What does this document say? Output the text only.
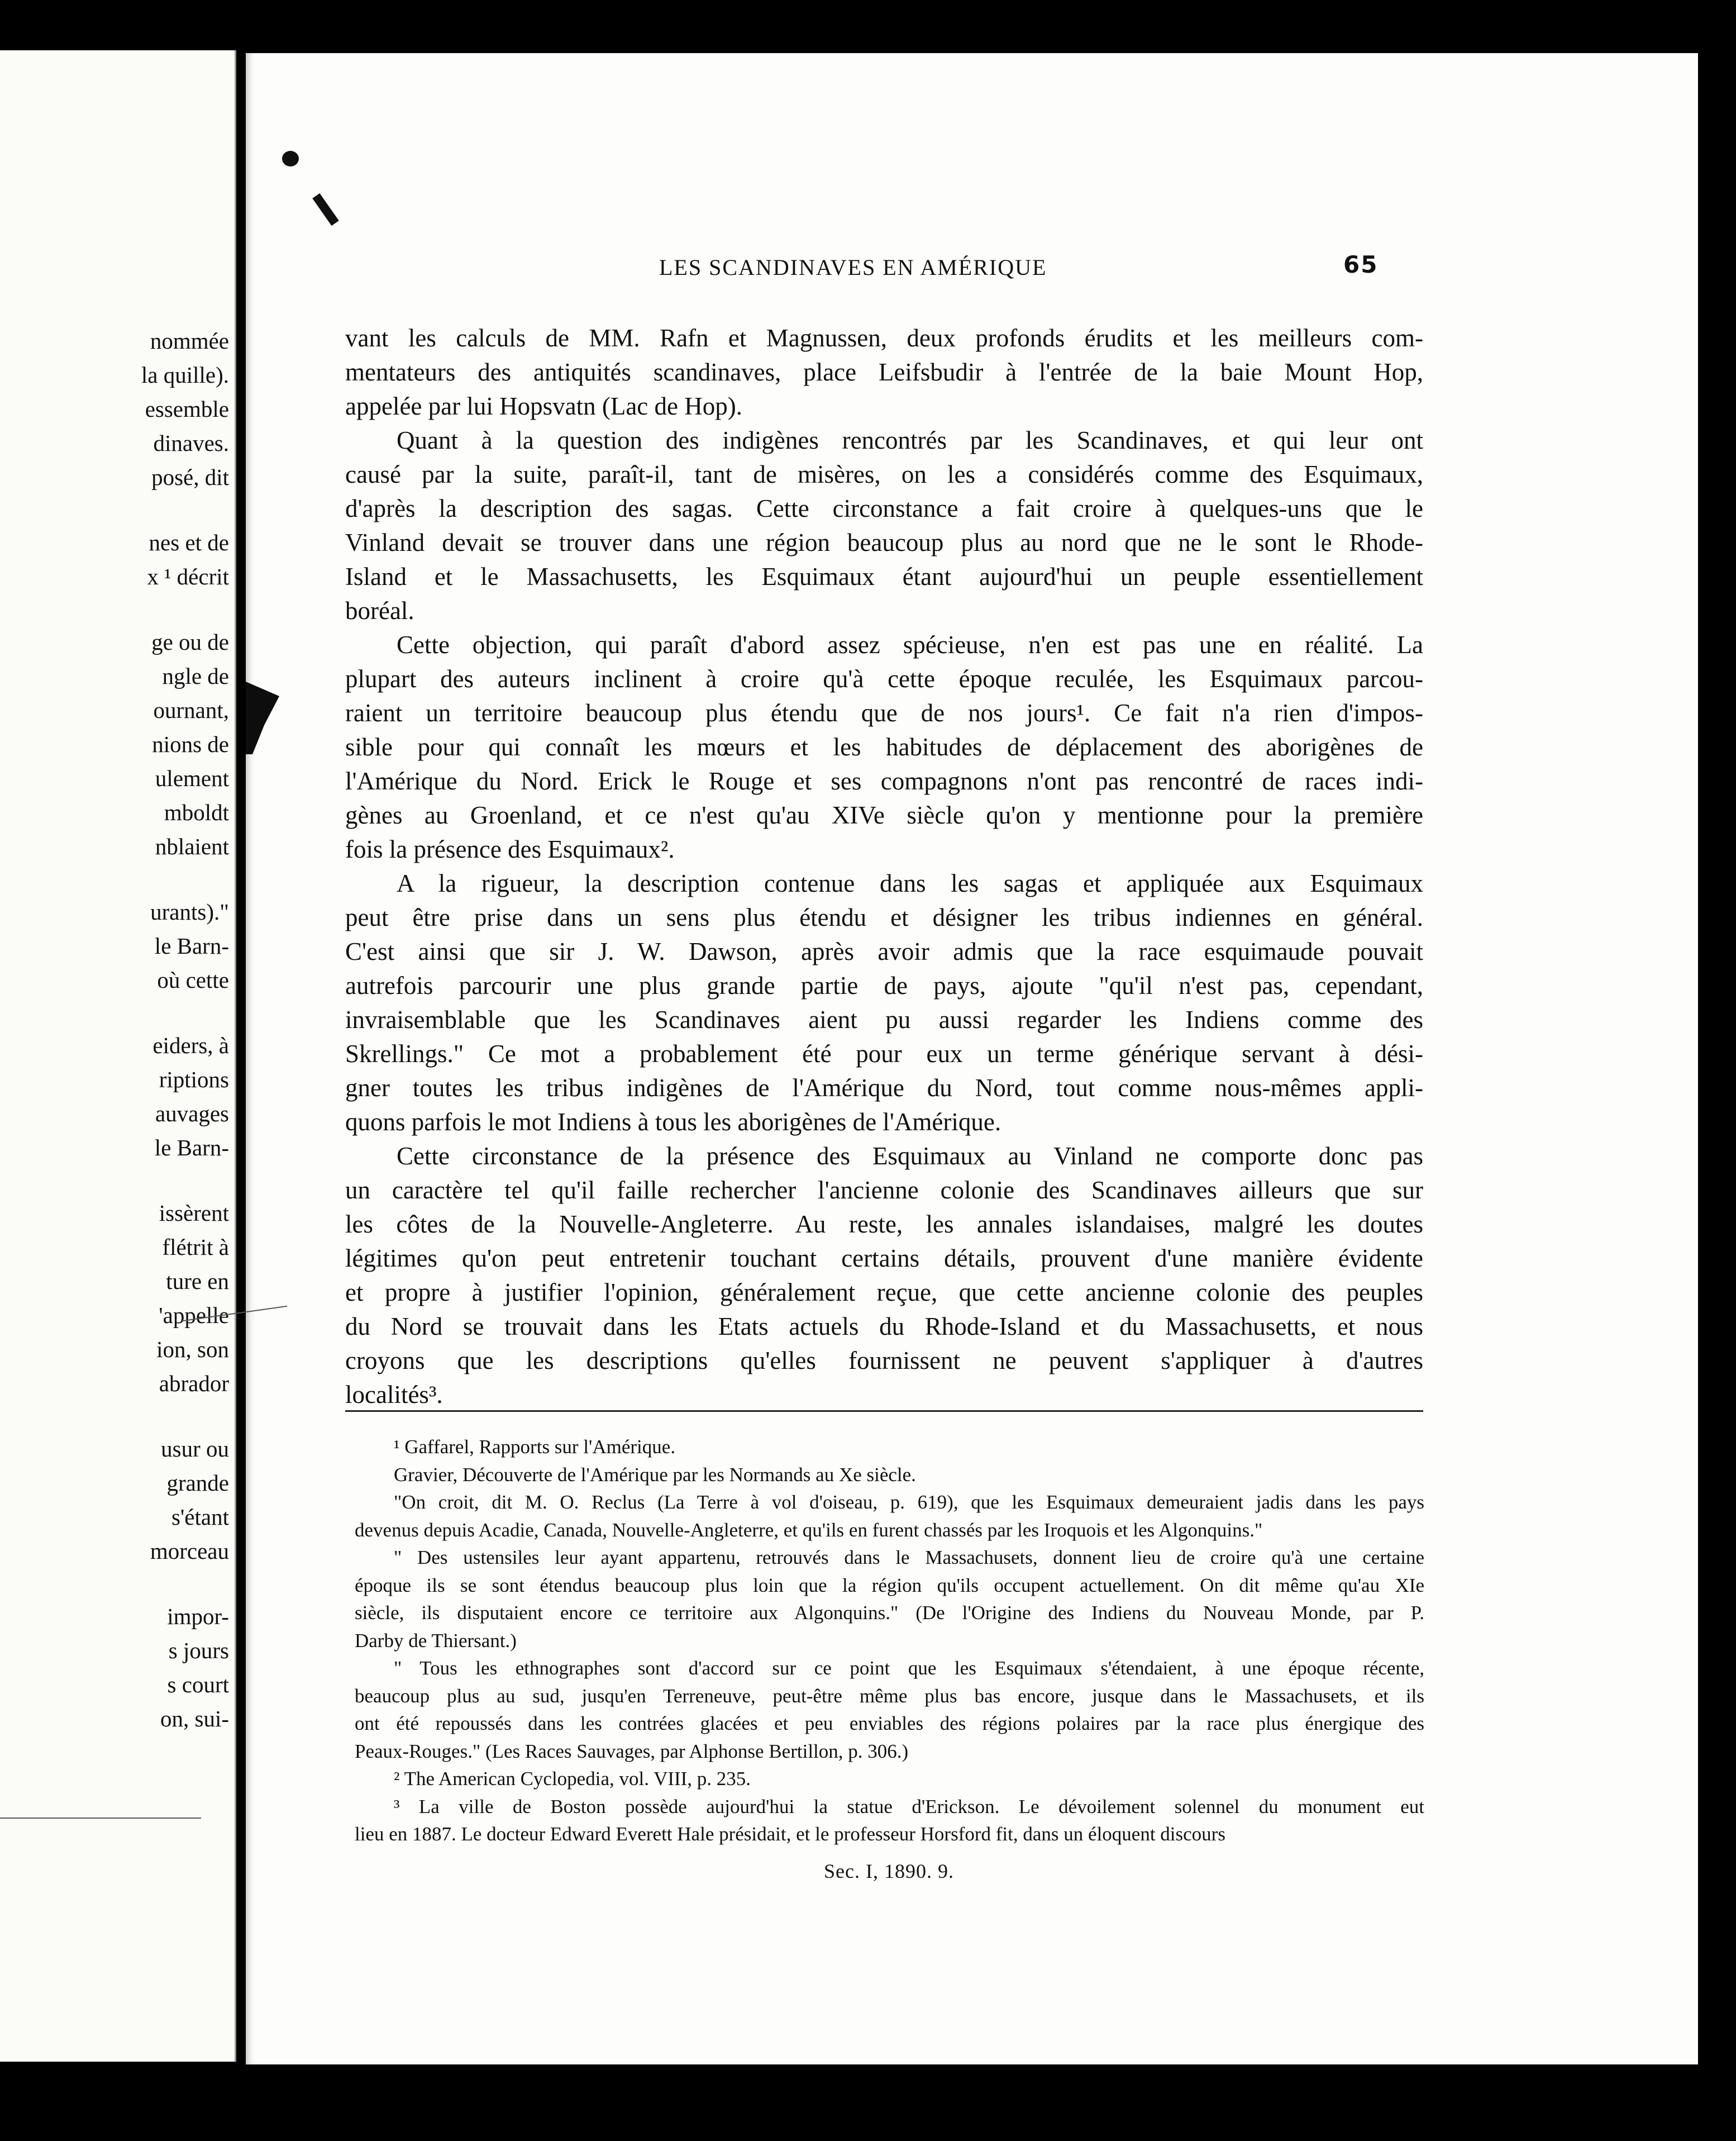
nommée
la quille).
essemble
dinaves.
posé, dit
nes et de
x ¹ décrit
ge ou de
ngle de
ournant,
nions de
ulement
mboldt
nblaient
urants)."
le Barn-
où cette
eiders, à
riptions
auvages
le Barn-
issèrent
flétrit à
ture en
'appelle
ion, son
abrador
usur ou
grande
s'étant
morceau
impor-
s jours
s court
on, sui-
LES SCANDINAVES EN AMÉRIQUE	65

vant les calculs de MM. Rafn et Magnussen, deux profonds érudits et les meilleurs com-

mentateurs des antiquités scandinaves, place Leifsbudir à l'entrée de la baie Mount Hop,

appelée par lui Hopsvatn (Lac de Hop).

Quant à la question des indigènes rencontrés par les Scandinaves, et qui leur ont

causé par la suite, paraît-il, tant de misères, on les a considérés comme des Esquimaux,

d'après la description des sagas. Cette circonstance a fait croire à quelques-uns que le

Vinland devait se trouver dans une région beaucoup plus au nord que ne le sont le Rhode-

Island et le Massachusetts, les Esquimaux étant aujourd'hui un peuple essentiellement

boréal.

Cette objection, qui paraît d'abord assez spécieuse, n'en est pas une en réalité. La

plupart des auteurs inclinent à croire qu'à cette époque reculée, les Esquimaux parcou-

raient un territoire beaucoup plus étendu que de nos jours¹. Ce fait n'a rien d'impos-

sible pour qui connaît les mœurs et les habitudes de déplacement des aborigènes de

l'Amérique du Nord. Erick le Rouge et ses compagnons n'ont pas rencontré de races indi-

gènes au Groenland, et ce n'est qu'au XIVe siècle qu'on y mentionne pour la première

fois la présence des Esquimaux².

A la rigueur, la description contenue dans les sagas et appliquée aux Esquimaux

peut être prise dans un sens plus étendu et désigner les tribus indiennes en général.

C'est ainsi que sir J. W. Dawson, après avoir admis que la race esquimaude pouvait

autrefois parcourir une plus grande partie de pays, ajoute "qu'il n'est pas, cependant,

invraisemblable que les Scandinaves aient pu aussi regarder les Indiens comme des

Skrellings." Ce mot a probablement été pour eux un terme générique servant à dési-

gner toutes les tribus indigènes de l'Amérique du Nord, tout comme nous-mêmes appli-

quons parfois le mot Indiens à tous les aborigènes de l'Amérique.

Cette circonstance de la présence des Esquimaux au Vinland ne comporte donc pas

un caractère tel qu'il faille rechercher l'ancienne colonie des Scandinaves ailleurs que sur

les côtes de la Nouvelle-Angleterre. Au reste, les annales islandaises, malgré les doutes

légitimes qu'on peut entretenir touchant certains détails, prouvent d'une manière évidente

et propre à justifier l'opinion, généralement reçue, que cette ancienne colonie des peuples

du Nord se trouvait dans les Etats actuels du Rhode-Island et du Massachusetts, et nous

croyons que les descriptions qu'elles fournissent ne peuvent s'appliquer à d'autres

localités³.

¹ Gaffarel, Rapports sur l'Amérique.

Gravier, Découverte de l'Amérique par les Normands au Xe siècle.

"On croit, dit M. O. Reclus (La Terre à vol d'oiseau, p. 619), que les Esquimaux demeuraient jadis dans les pays

devenus depuis Acadie, Canada, Nouvelle-Angleterre, et qu'ils en furent chassés par les Iroquois et les Algonquins."

" Des ustensiles leur ayant appartenu, retrouvés dans le Massachusets, donnent lieu de croire qu'à une certaine

époque ils se sont étendus beaucoup plus loin que la région qu'ils occupent actuellement. On dit même qu'au XIe

siècle, ils disputaient encore ce territoire aux Algonquins." (De l'Origine des Indiens du Nouveau Monde, par P.

Darby de Thiersant.)

" Tous les ethnographes sont d'accord sur ce point que les Esquimaux s'étendaient, à une époque récente,

beaucoup plus au sud, jusqu'en Terreneuve, peut-être même plus bas encore, jusque dans le Massachusets, et ils

ont été repoussés dans les contrées glacées et peu enviables des régions polaires par la race plus énergique des

Peaux-Rouges." (Les Races Sauvages, par Alphonse Bertillon, p. 306.)

² The American Cyclopedia, vol. VIII, p. 235.

³ La ville de Boston possède aujourd'hui la statue d'Erickson. Le dévoilement solennel du monument eut

lieu en 1887. Le docteur Edward Everett Hale présidait, et le professeur Horsford fit, dans un éloquent discours

Sec. I, 1890. 9.
